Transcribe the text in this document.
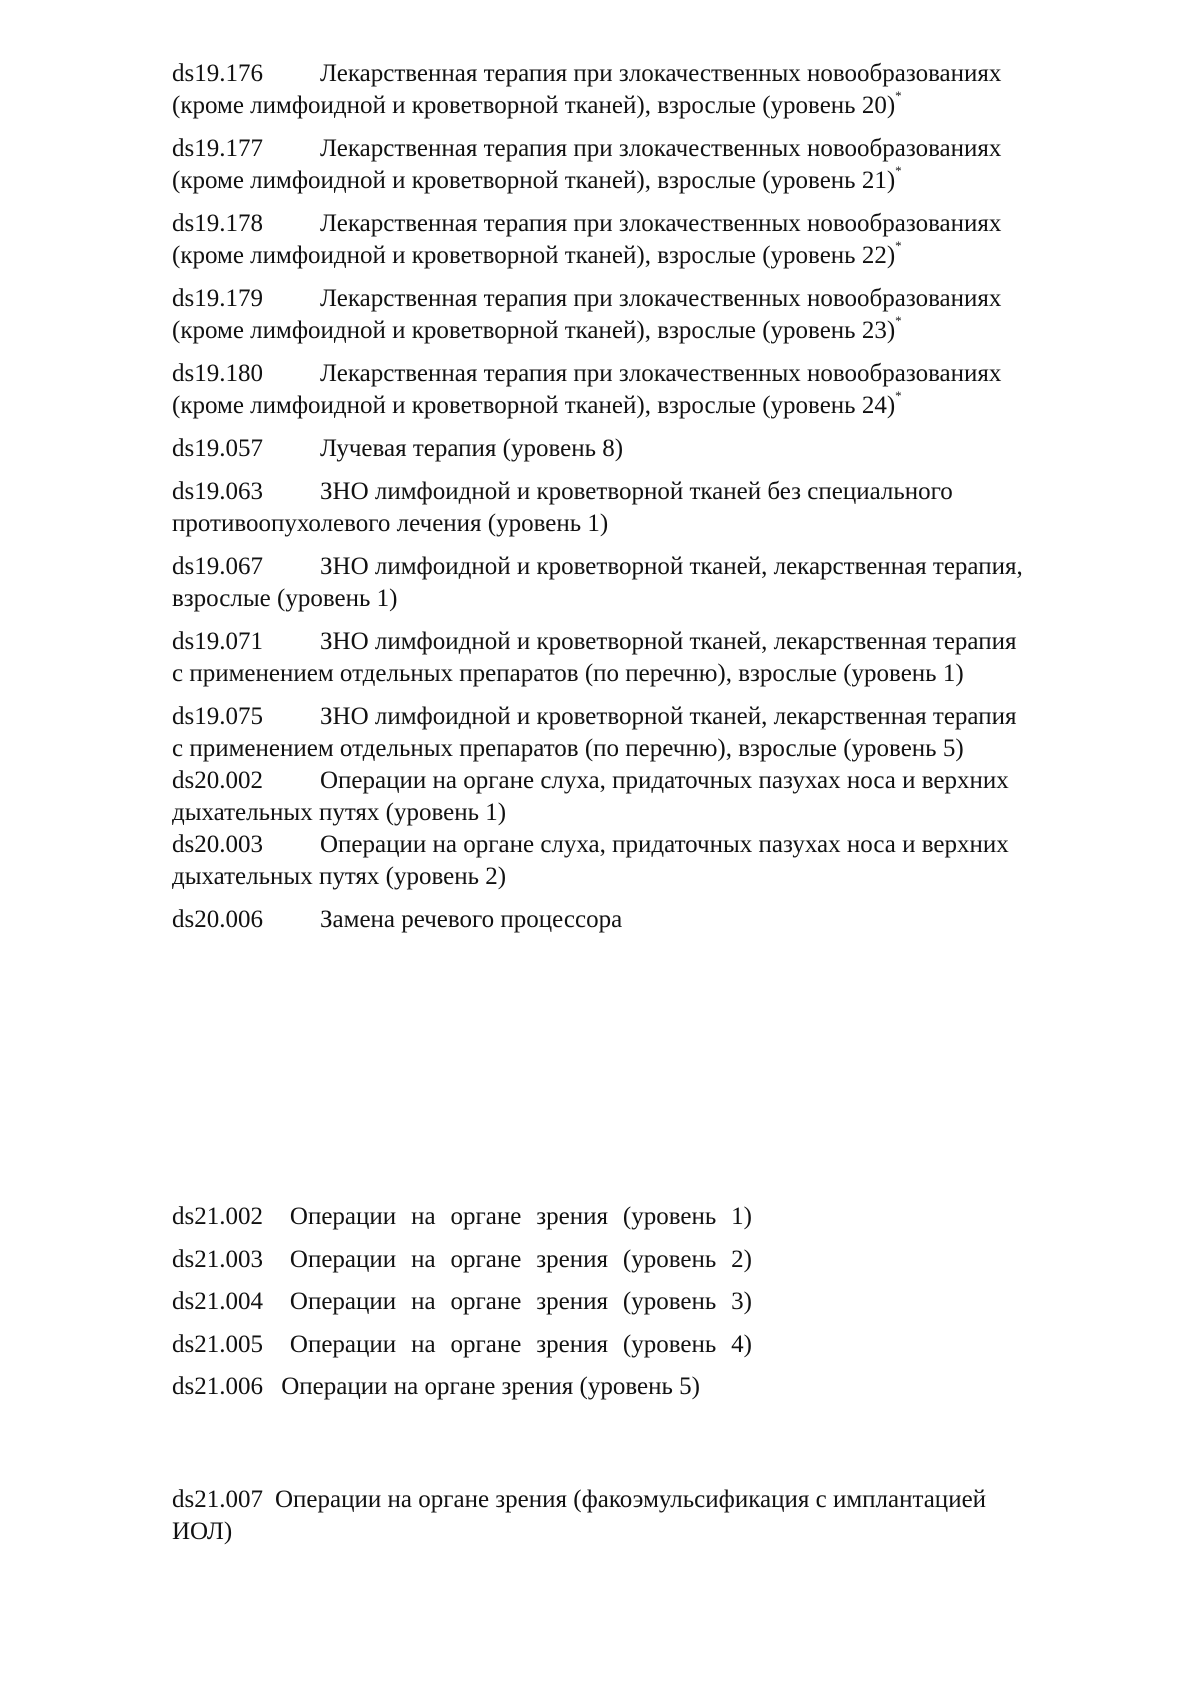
ds19.176 Лекарственная терапия при злокачественных новообразованиях (кроме лимфоидной и кроветворной тканей), взрослые (уровень 20)*

ds19.177 Лекарственная терапия при злокачественных новообразованиях (кроме лимфоидной и кроветворной тканей), взрослые (уровень 21)*

ds19.178 Лекарственная терапия при злокачественных новообразованиях (кроме лимфоидной и кроветворной тканей), взрослые (уровень 22)*

ds19.179 Лекарственная терапия при злокачественных новообразованиях (кроме лимфоидной и кроветворной тканей), взрослые (уровень 23)*

ds19.180 Лекарственная терапия при злокачественных новообразованиях (кроме лимфоидной и кроветворной тканей), взрослые (уровень 24)*

ds19.057 Лучевая терапия (уровень 8)

ds19.063 ЗНО лимфоидной и кроветворной тканей без специального противоопухолевого лечения (уровень 1)

ds19.067 ЗНО лимфоидной и кроветворной тканей, лекарственная терапия, взрослые (уровень 1)

ds19.071 ЗНО лимфоидной и кроветворной тканей, лекарственная терапия с применением отдельных препаратов (по перечню), взрослые (уровень 1)

ds19.075 ЗНО лимфоидной и кроветворной тканей, лекарственная терапия с применением отдельных препаратов (по перечню), взрослые (уровень 5)

ds20.002 Операции на органе слуха, придаточных пазухах носа и верхних дыхательных путях (уровень 1)

ds20.003 Операции на органе слуха, придаточных пазухах носа и верхних дыхательных путях (уровень 2)

ds20.006 Замена речевого процессора

ds21.002 Операции на органе зрения (уровень 1) ds21.003 Операции на органе зрения (уровень 2) ds21.004 Операции на органе зрения (уровень 3) ds21.005 Операции на органе зрения (уровень 4) ds21.006 Операции на органе зрения (уровень 5)
ds21.007 Операции на органе зрения (факоэмульсификация с имплантацией ИОЛ)
